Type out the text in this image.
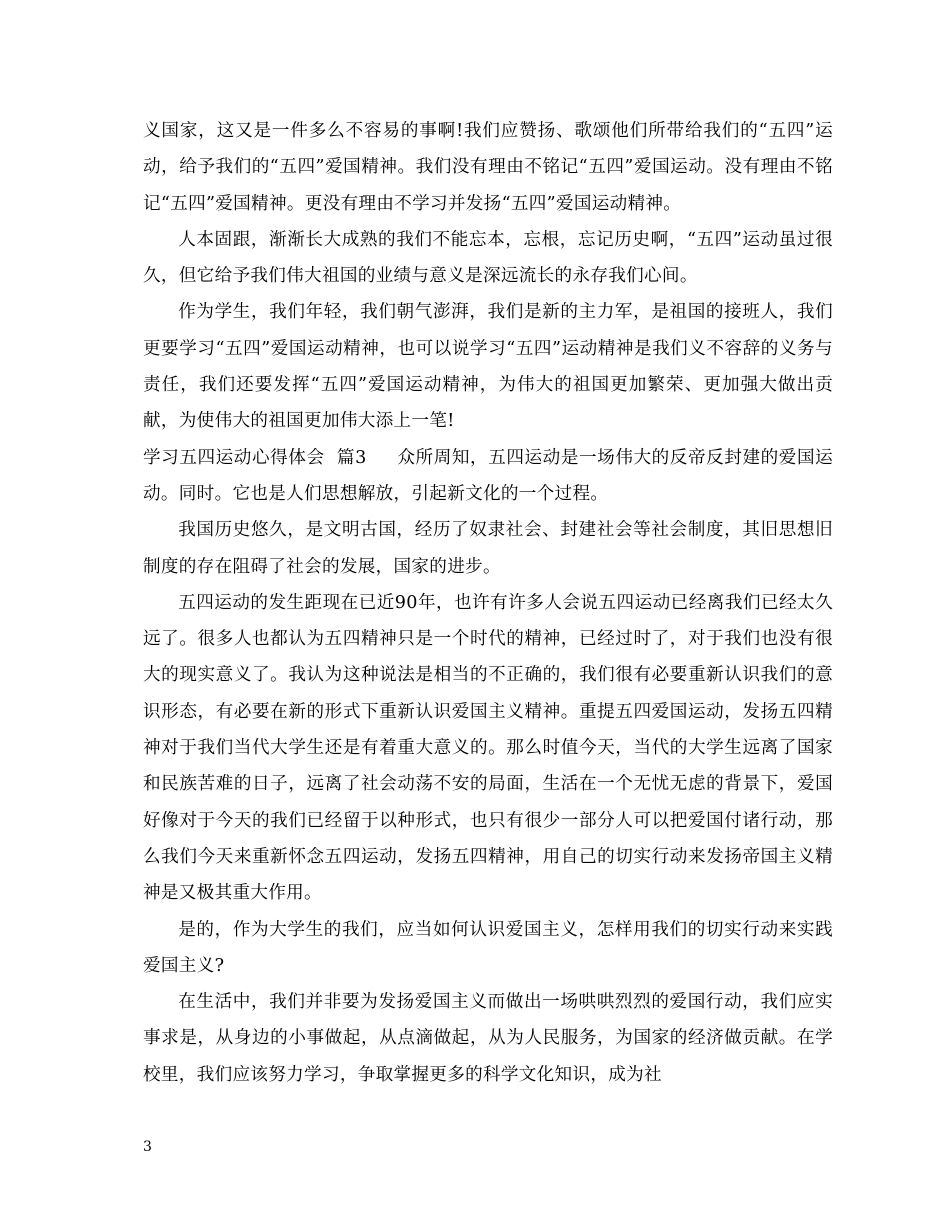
义国家，这又是一件多么不容易的事啊!我们应赞扬、歌颂他们所带给我们的“五四”运动，给予我们的“五四”爱国精神。我们没有理由不铭记“五四”爱国运动。没有理由不铭记“五四”爱国精神。更没有理由不学习并发扬“五四”爱国运动精神。

人本固跟，渐渐长大成熟的我们不能忘本，忘根，忘记历史啊，“五四”运动虽过很久，但它给予我们伟大祖国的业绩与意义是深远流长的永存我们心间。

作为学生，我们年轻，我们朝气澎湃，我们是新的主力军，是祖国的接班人，我们更要学习“五四”爱国运动精神，也可以说学习“五四”运动精神是我们义不容辞的义务与责任，我们还要发挥“五四”爱国运动精神，为伟大的祖国更加繁荣、更加强大做出贡献，为使伟大的祖国更加伟大添上一笔!

学习五四运动心得体会  篇3     众所周知，五四运动是一场伟大的反帝反封建的爱国运动。同时。它也是人们思想解放，引起新文化的一个过程。

我国历史悠久，是文明古国，经历了奴隶社会、封建社会等社会制度，其旧思想旧制度的存在阻碍了社会的发展，国家的进步。

五四运动的发生距现在已近90年，也许有许多人会说五四运动已经离我们已经太久远了。很多人也都认为五四精神只是一个时代的精神，已经过时了，对于我们也没有很大的现实意义了。我认为这种说法是相当的不正确的，我们很有必要重新认识我们的意识形态，有必要在新的形式下重新认识爱国主义精神。重提五四爱国运动，发扬五四精神对于我们当代大学生还是有着重大意义的。那么时值今天，当代的大学生远离了国家和民族苦难的日子，远离了社会动荡不安的局面，生活在一个无忧无虑的背景下，爱国好像对于今天的我们已经留于以种形式，也只有很少一部分人可以把爱国付诸行动，那么我们今天来重新怀念五四运动，发扬五四精神，用自己的切实行动来发扬帝国主义精神是又极其重大作用。

是的，作为大学生的我们，应当如何认识爱国主义，怎样用我们的切实行动来实践爱国主义?

在生活中，我们并非要为发扬爱国主义而做出一场哄哄烈烈的爱国行动，我们应实事求是，从身边的小事做起，从点滴做起，从为人民服务，为国家的经济做贡献。在学校里，我们应该努力学习，争取掌握更多的科学文化知识，成为社

3
